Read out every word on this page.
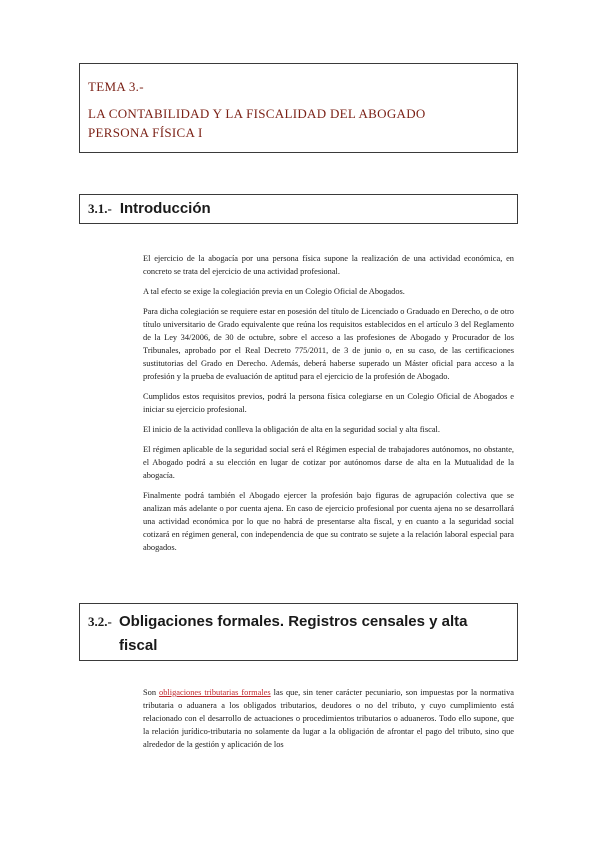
TEMA 3.-
LA CONTABILIDAD Y LA FISCALIDAD DEL ABOGADO
PERSONA FÍSICA I
3.1.- Introducción

El ejercicio de la abogacía por una persona física supone la realización de una actividad económica, en concreto se trata del ejercicio de una actividad profesional.

A tal efecto se exige la colegiación previa en un Colegio Oficial de Abogados.

Para dicha colegiación se requiere estar en posesión del título de Licenciado o Graduado en Derecho, o de otro título universitario de Grado equivalente que reúna los requisitos establecidos en el artículo 3 del Reglamento de la Ley 34/2006, de 30 de octubre, sobre el acceso a las profesiones de Abogado y Procurador de los Tribunales, aprobado por el Real Decreto 775/2011, de 3 de junio o, en su caso, de las certificaciones sustitutorias del Grado en Derecho. Además, deberá haberse superado un Máster oficial para acceso a la profesión y la prueba de evaluación de aptitud para el ejercicio de la profesión de Abogado.

Cumplidos estos requisitos previos, podrá la persona física colegiarse en un Colegio Oficial de Abogados e iniciar su ejercicio profesional.

El inicio de la actividad conlleva la obligación de alta en la seguridad social y alta fiscal.

El régimen aplicable de la seguridad social será el Régimen especial de trabajadores autónomos, no obstante, el Abogado podrá a su elección en lugar de cotizar por autónomos darse de alta en la Mutualidad de la abogacía.

Finalmente podrá también el Abogado ejercer la profesión bajo figuras de agrupación colectiva que se analizan más adelante o por cuenta ajena. En caso de ejercicio profesional por cuenta ajena no se desarrollará una actividad económica por lo que no habrá de presentarse alta fiscal, y en cuanto a la seguridad social cotizará en régimen general, con independencia de que su contrato se sujete a la relación laboral especial para abogados.

3.2.- Obligaciones formales. Registros censales y alta
fiscal

Son obligaciones tributarias formales las que, sin tener carácter pecuniario, son impuestas por la normativa tributaria o aduanera a los obligados tributarios, deudores o no del tributo, y cuyo cumplimiento está relacionado con el desarrollo de actuaciones o procedimientos tributarios o aduaneros. Todo ello supone, que la relación jurídico-tributaria no solamente da lugar a la obligación de afrontar el pago del tributo, sino que alrededor de la gestión y aplicación de los
